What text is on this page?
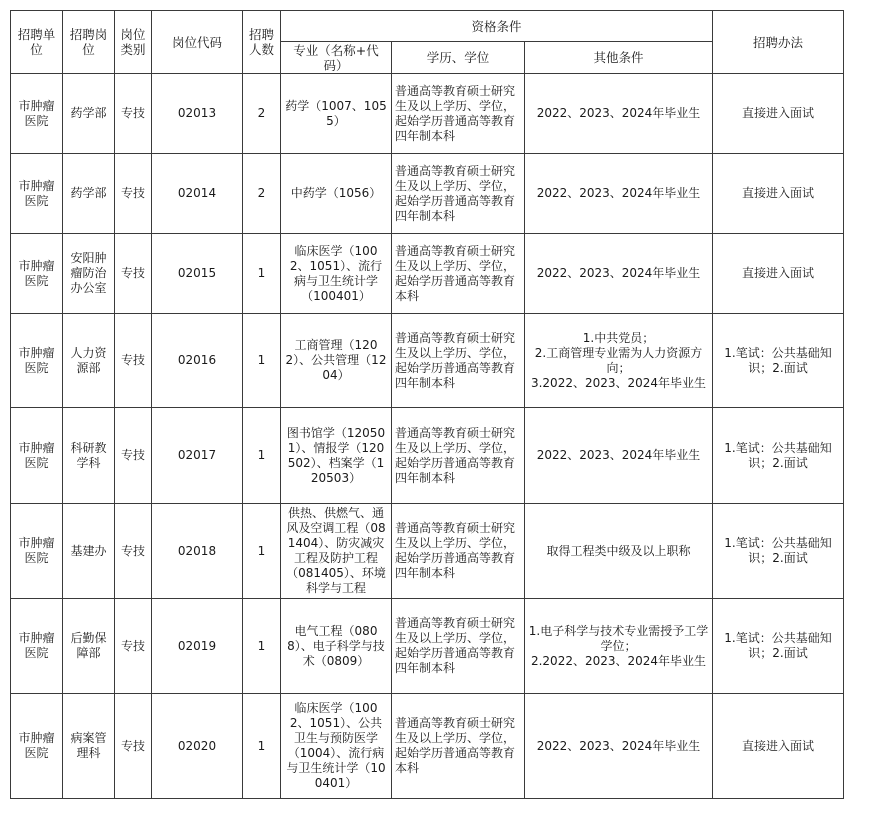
招聘单位	招聘岗位	岗位类别	岗位代码	招聘人数	资格条件			招聘办法
					专业（名称+代码）	学历、学位	其他条件	
市肿瘤医院	药学部	专技	02013	2	药学（1007、1055）	普通高等教育硕士研究生及以上学历、学位，起始学历普通高等教育四年制本科	2022、2023、2024年毕业生	直接进入面试

市肿瘤医院	药学部	专技	02014	2	中药学（1056）	普通高等教育硕士研究生及以上学历、学位，起始学历普通高等教育四年制本科	2022、2023、2024年毕业生	直接进入面试

市肿瘤医院	安阳肿瘤防治办公室	专技	02015	1	临床医学（1002、1051）、流行病与卫生统计学（100401）	普通高等教育硕士研究生及以上学历、学位，起始学历普通高等教育本科	2022、2023、2024年毕业生	直接进入面试

市肿瘤医院	人力资源部	专技	02016	1	工商管理（1202）、公共管理（1204）	普通高等教育硕士研究生及以上学历、学位，起始学历普通高等教育四年制本科	1.中共党员；
2.工商管理专业需为人力资源方向；
3.2022、2023、2024年毕业生	1.笔试：公共基础知识；2.面试

市肿瘤医院	科研教学科	专技	02017	1	图书馆学（120501）、情报学（120502）、档案学（120503）	普通高等教育硕士研究生及以上学历、学位，起始学历普通高等教育四年制本科	2022、2023、2024年毕业生	1.笔试：公共基础知识；2.面试

市肿瘤医院	基建办	专技	02018	1	供热、供燃气、通风及空调工程（081404）、防灾减灾工程及防护工程（081405）、环境科学与工程	普通高等教育硕士研究生及以上学历、学位，起始学历普通高等教育四年制本科	取得工程类中级及以上职称	1.笔试：公共基础知识；2.面试

市肿瘤医院	后勤保障部	专技	02019	1	电气工程（0808）、电子科学与技术（0809）	普通高等教育硕士研究生及以上学历、学位，起始学历普通高等教育四年制本科	1.电子科学与技术专业需授予工学学位；
2.2022、2023、2024年毕业生	1.笔试：公共基础知识；2.面试

市肿瘤医院	病案管理科	专技	02020	1	临床医学（1002、1051）、公共卫生与预防医学（1004）、流行病与卫生统计学（100401）	普通高等教育硕士研究生及以上学历、学位，起始学历普通高等教育本科	2022、2023、2024年毕业生	直接进入面试
